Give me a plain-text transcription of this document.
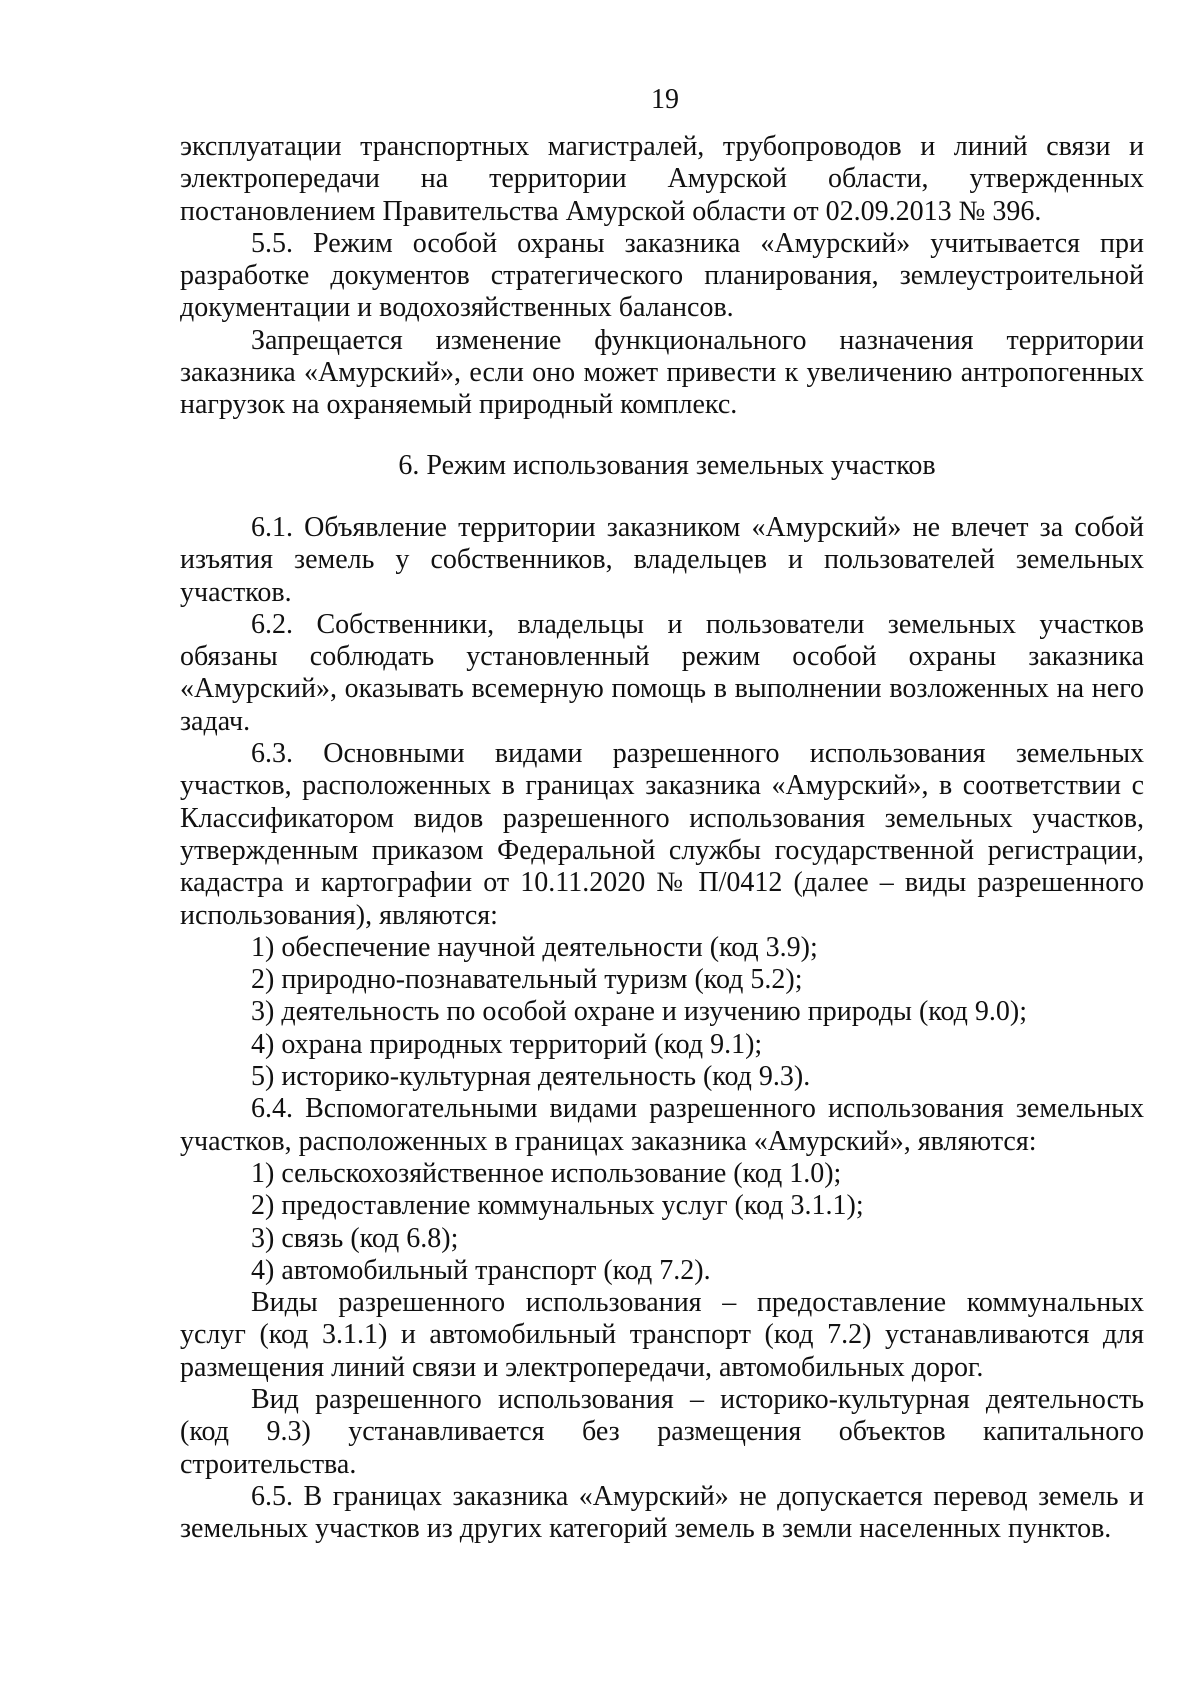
19

эксплуатации транспортных магистралей, трубопроводов и линий связи и электропередачи на территории Амурской области, утвержденных постановлением Правительства Амурской области от 02.09.2013 № 396.

5.5. Режим особой охраны заказника «Амурский» учитывается при разработке документов стратегического планирования, землеустроительной документации и водохозяйственных балансов.

Запрещается изменение функционального назначения территории заказника «Амурский», если оно может привести к увеличению антропогенных нагрузок на охраняемый природный комплекс.

6. Режим использования земельных участков

6.1. Объявление территории заказником «Амурский» не влечет за собой изъятия земель у собственников, владельцев и пользователей земельных участков.

6.2. Собственники, владельцы и пользователи земельных участков обязаны соблюдать установленный режим особой охраны заказника «Амурский», оказывать всемерную помощь в выполнении возложенных на него задач.

6.3. Основными видами разрешенного использования земельных участков, расположенных в границах заказника «Амурский», в соответствии с Классификатором видов разрешенного использования земельных участков, утвержденным приказом Федеральной службы государственной регистрации, кадастра и картографии от 10.11.2020 № П/0412 (далее – виды разрешенного использования), являются:

1) обеспечение научной деятельности (код 3.9);

2) природно-познавательный туризм (код 5.2);

3) деятельность по особой охране и изучению природы (код 9.0);

4) охрана природных территорий (код 9.1);

5) историко-культурная деятельность (код 9.3).

6.4. Вспомогательными видами разрешенного использования земельных участков, расположенных в границах заказника «Амурский», являются:

1) сельскохозяйственное использование (код 1.0);

2) предоставление коммунальных услуг (код 3.1.1);

3) связь (код 6.8);

4) автомобильный транспорт (код 7.2).

Виды разрешенного использования – предоставление коммунальных услуг (код 3.1.1) и автомобильный транспорт (код 7.2) устанавливаются для размещения линий связи и электропередачи, автомобильных дорог.

Вид разрешенного использования – историко-культурная деятельность (код 9.3) устанавливается без размещения объектов капитального строительства.

6.5. В границах заказника «Амурский» не допускается перевод земель и земельных участков из других категорий земель в земли населенных пунктов.
